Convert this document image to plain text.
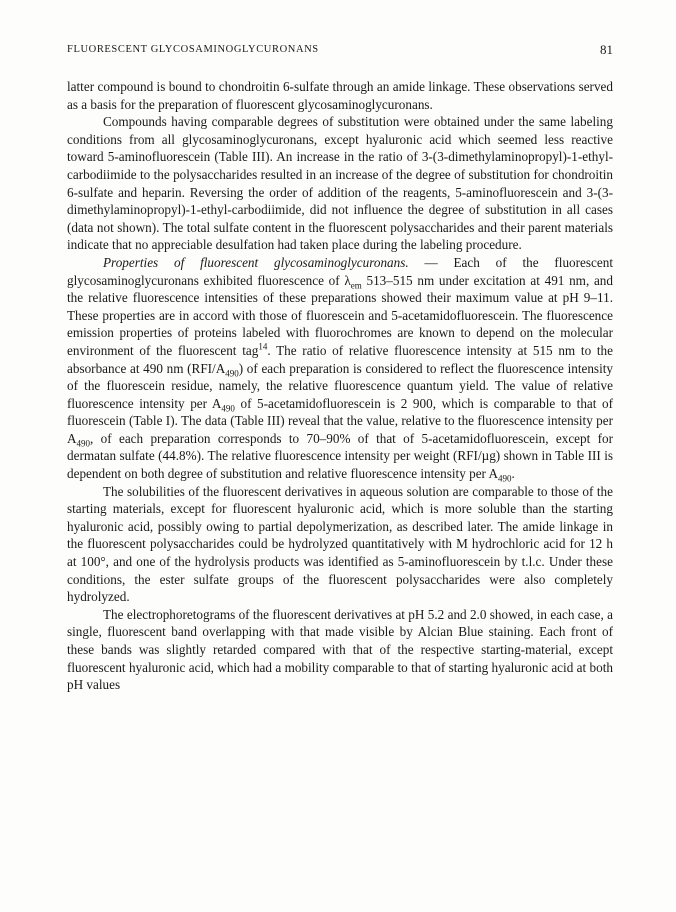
FLUORESCENT GLYCOSAMINOGLYCURONANS	81

latter compound is bound to chondroitin 6-sulfate through an amide linkage. These observations served as a basis for the preparation of fluorescent glycosaminoglycuronans.

Compounds having comparable degrees of substitution were obtained under the same labeling conditions from all glycosaminoglycuronans, except hyaluronic acid which seemed less reactive toward 5-aminofluorescein (Table III). An increase in the ratio of 3-(3-dimethylaminopropyl)-1-ethyl-carbodiimide to the polysaccharides resulted in an increase of the degree of substitution for chondroitin 6-sulfate and heparin. Reversing the order of addition of the reagents, 5-aminofluorescein and 3-(3-dimethylaminopropyl)-1-ethyl-carbodiimide, did not influence the degree of substitution in all cases (data not shown). The total sulfate content in the fluorescent polysaccharides and their parent materials indicate that no appreciable desulfation had taken place during the labeling procedure.

Properties of fluorescent glycosaminoglycuronans. — Each of the fluorescent glycosaminoglycuronans exhibited fluorescence of $\lambda_{em}$ 513–515 nm under excitation at 491 nm, and the relative fluorescence intensities of these preparations showed their maximum value at pH 9–11. These properties are in accord with those of fluorescein and 5-acetamidofluorescein. The fluorescence emission properties of proteins labeled with fluorochromes are known to depend on the molecular environment of the fluorescent tag$^{14}$. The ratio of relative fluorescence intensity at 515 nm to the absorbance at 490 nm $(RFI/A_{490})$ of each preparation is considered to reflect the fluorescence intensity of the fluorescein residue, namely, the relative fluorescence quantum yield. The value of relative fluorescence intensity per $A_{490}$ of 5-acetamidofluorescein is 2 900, which is comparable to that of fluorescein (Table I). The data (Table III) reveal that the value, relative to the fluorescence intensity per $A_{490}$, of each preparation corresponds to 70–90% of that of 5-acetamidofluorescein, except for dermatan sulfate (44.8%). The relative fluorescence intensity per weight (RFI/µg) shown in Table III is dependent on both degree of substitution and relative fluorescence intensity per $A_{490}$.

The solubilities of the fluorescent derivatives in aqueous solution are comparable to those of the starting materials, except for fluorescent hyaluronic acid, which is more soluble than the starting hyaluronic acid, possibly owing to partial depolymerization, as described later. The amide linkage in the fluorescent polysaccharides could be hydrolyzed quantitatively with M hydrochloric acid for 12 h at 100°, and one of the hydrolysis products was identified as 5-aminofluorescein by t.l.c. Under these conditions, the ester sulfate groups of the fluorescent polysaccharides were also completely hydrolyzed.

The electrophoretograms of the fluorescent derivatives at pH 5.2 and 2.0 showed, in each case, a single, fluorescent band overlapping with that made visible by Alcian Blue staining. Each front of these bands was slightly retarded compared with that of the respective starting-material, except fluorescent hyaluronic acid, which had a mobility comparable to that of starting hyaluronic acid at both pH values
